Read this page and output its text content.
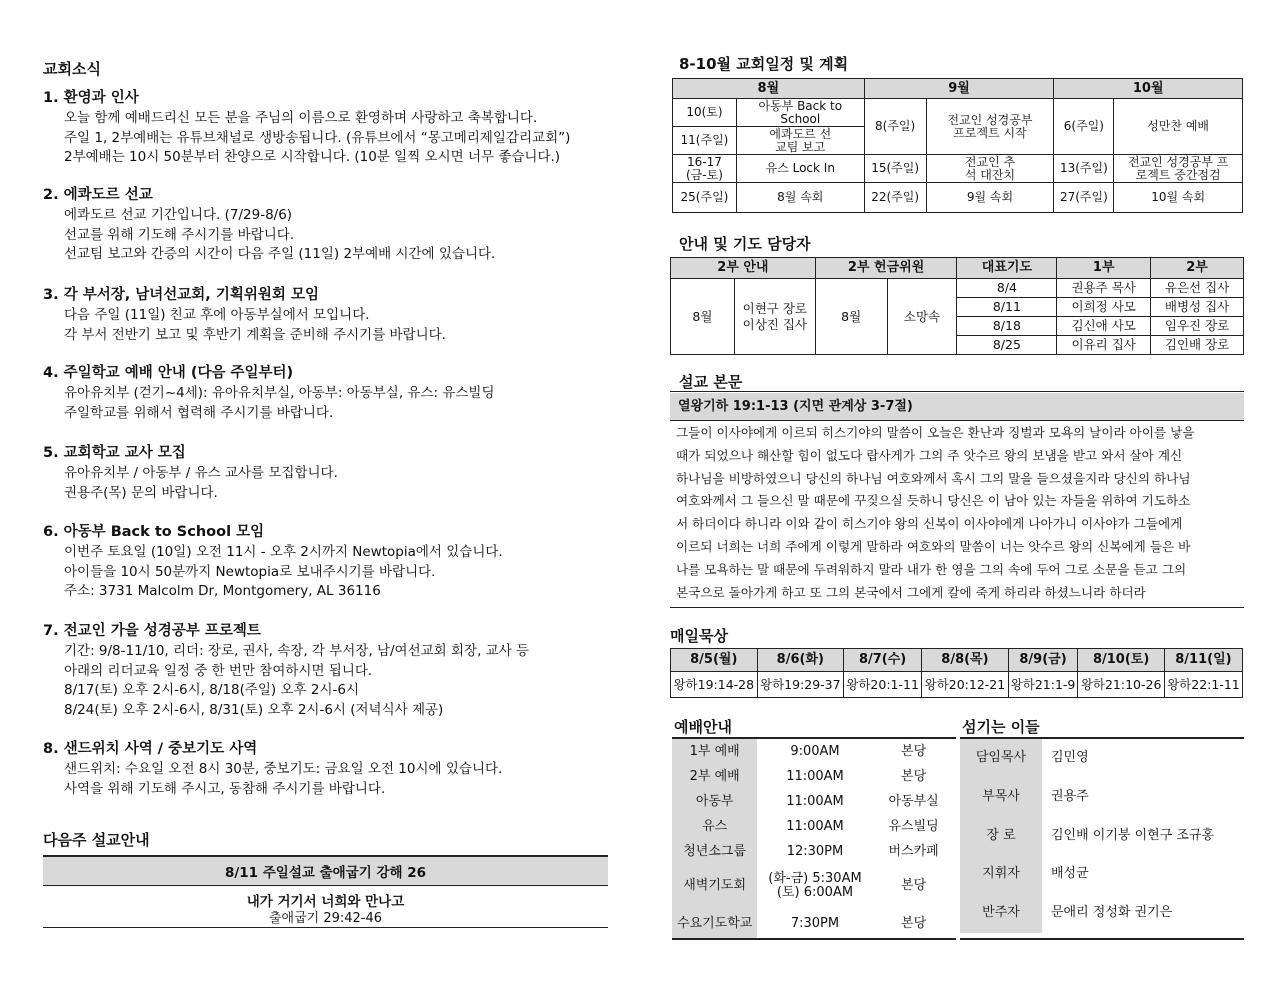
교회소식
1. 환영과 인사
오늘 함께 예배드리신 모든 분을 주님의 이름으로 환영하며 사랑하고 축복합니다.
주일 1, 2부예배는 유튜브채널로 생방송됩니다. (유튜브에서 “몽고메리제일감리교회”)
2부예배는 10시 50분부터 찬양으로 시작합니다. (10분 일찍 오시면 너무 좋습니다.)
2. 에콰도르 선교
에콰도르 선교 기간입니다. (7/29-8/6)
선교를 위해 기도해 주시기를 바랍니다.
선교팀 보고와 간증의 시간이 다음 주일 (11일) 2부예배 시간에 있습니다.
3. 각 부서장, 남녀선교회, 기획위원회 모임
다음 주일 (11일) 친교 후에 아동부실에서 모입니다.
각 부서 전반기 보고 및 후반기 계획을 준비해 주시기를 바랍니다.
4. 주일학교 예배 안내 (다음 주일부터)
유아유치부 (걷기~4세): 유아유치부실, 아동부: 아동부실, 유스: 유스빌딩
주일학교를 위해서 협력해 주시기를 바랍니다.
5. 교회학교 교사 모집
유아유치부 / 아동부 / 유스 교사를 모집합니다.
권용주(목) 문의 바랍니다.
6. 아동부 Back to School 모임
이번주 토요일 (10일) 오전 11시 - 오후 2시까지 Newtopia에서 있습니다.
아이들을 10시 50분까지 Newtopia로 보내주시기를 바랍니다.
주소: 3731 Malcolm Dr, Montgomery, AL 36116
7. 전교인 가을 성경공부 프로젝트
기간: 9/8-11/10, 리더: 장로, 권사, 속장, 각 부서장, 남/여선교회 회장, 교사 등
아래의 리더교육 일정 중 한 번만 참여하시면 됩니다.
8/17(토) 오후 2시-6시, 8/18(주일) 오후 2시-6시
8/24(토) 오후 2시-6시, 8/31(토) 오후 2시-6시 (저녁식사 제공)
8. 샌드위치 사역 / 중보기도 사역
샌드위치: 수요일 오전 8시 30분, 중보기도: 금요일 오전 10시에 있습니다.
사역을 위해 기도해 주시고, 동참해 주시기를 바랍니다.
다음주 설교안내
8/11 주일설교 출애굽기 강해 26
내가 거기서 너희와 만나고
출애굽기 29:42-46
8-10월 교회일정 및 계획
8월		9월		10월	
10(토)	아동부 Back to School	8(주일)	전교인 성경공부 프로젝트 시작	6(주일)	성만찬 예배
11(주일)	에콰도르 선교팀 보고				
16-17 (금-토)	유스 Lock In	15(주일)	전교인 추석 대잔치	13(주일)	전교인 성경공부 프로젝트 중간점검
25(주일)	8월 속회	22(주일)	9월 속회	27(주일)	10월 속회
안내 및 기도 담당자
2부 안내		2부 헌금위원		대표기도	1부	2부
8월	이현구 장로 이상진 집사	8월	소망속	8/4	권용주 목사	유은선 집사
				8/11	이희정 사모	배병성 집사
				8/18	김신애 사모	임우진 장로
				8/25	이유리 집사	김인배 장로
설교 본문
열왕기하 19:1-13 (지면 관계상 3-7절)
그들이 이사야에게 이르되 히스기야의 말씀이 오늘은 환난과 징벌과 모욕의 날이라 아이를 낳을
때가 되었으나 해산할 힘이 없도다 랍사게가 그의 주 앗수르 왕의 보냄을 받고 와서 살아 계신
하나님을 비방하였으니 당신의 하나님 여호와께서 혹시 그의 말을 들으셨을지라 당신의 하나님
여호와께서 그 들으신 말 때문에 꾸짖으실 듯하니 당신은 이 남아 있는 자들을 위하여 기도하소
서 하더이다 하니라 이와 같이 히스기야 왕의 신복이 이사야에게 나아가니 이사야가 그들에게
이르되 너희는 너희 주에게 이렇게 말하라 여호와의 말씀이 너는 앗수르 왕의 신복에게 들은 바
나를 모욕하는 말 때문에 두려워하지 말라 내가 한 영을 그의 속에 두어 그로 소문을 듣고 그의
본국으로 돌아가게 하고 또 그의 본국에서 그에게 칼에 죽게 하리라 하셨느니라 하더라
매일묵상
8/5(월)	8/6(화)	8/7(수)	8/8(목)	8/9(금)	8/10(토)	8/11(일)
왕하19:14-28	왕하19:29-37	왕하20:1-11	왕하20:12-21	왕하21:1-9	왕하21:10-26	왕하22:1-11
예배안내
1부 예배	9:00AM	본당
2부 예배	11:00AM	본당
아동부	11:00AM	아동부실
유스	11:00AM	유스빌딩
청년소그룹	12:30PM	버스카페
새벽기도회	(화-금) 5:30AM
(토) 6:00AM	본당
수요기도학교	7:30PM	본당
섬기는 이들
담임목사	김민영
부목사	권용주
장 로	김인배 이기붕 이현구 조규홍
지휘자	배성균
반주자	문애리 정성화 권기은
